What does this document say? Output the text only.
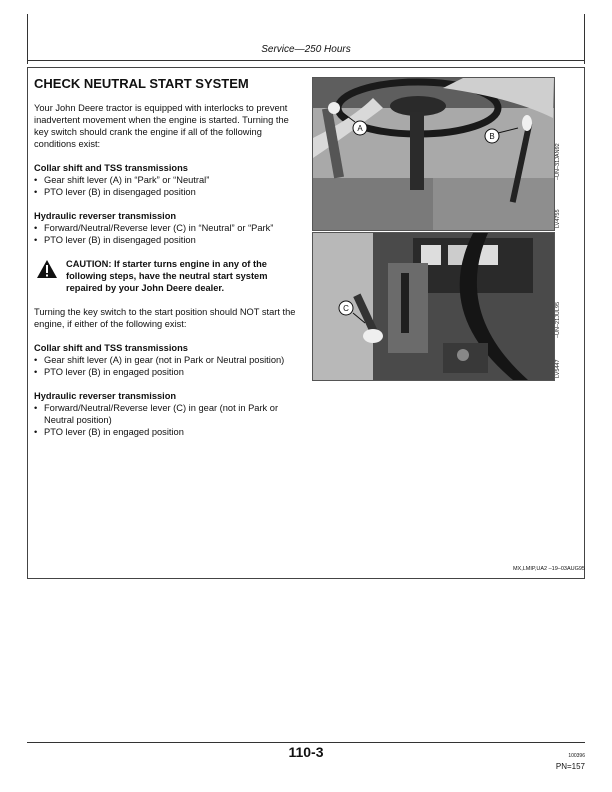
Service—250 Hours
CHECK NEUTRAL START SYSTEM

Your John Deere tractor is equipped with interlocks to prevent inadvertent movement when the engine is started. Turning the key switch should crank the engine if all of the following conditions exist:

Collar shift and TSS transmissions

• Gear shift lever (A) in “Park” or “Neutral”
• PTO lever (B) in disengaged position

Hydraulic reverser transmission

• Forward/Neutral/Reverse lever (C) in “Neutral” or “Park”
• PTO lever (B) in disengaged position
CAUTION: If starter turns engine in any of the following steps, have the neutral start system repaired by your John Deere dealer.

Turning the key switch to the start position should NOT start the engine, if either of the following exist:

Collar shift and TSS transmissions

• Gear shift lever (A) in gear (not in Park or Neutral position)
• PTO lever (B) in engaged position

Hydraulic reverser transmission

• Forward/Neutral/Reverse lever (C) in gear (not in Park or Neutral position)
• PTO lever (B) in engaged position
A
B
C
LV4755
–UN–31JAN92
LV5447
–UN–21JUL95
MX,LMIP,UA2 –19–03AUG95
110-3	100396
PN=157
